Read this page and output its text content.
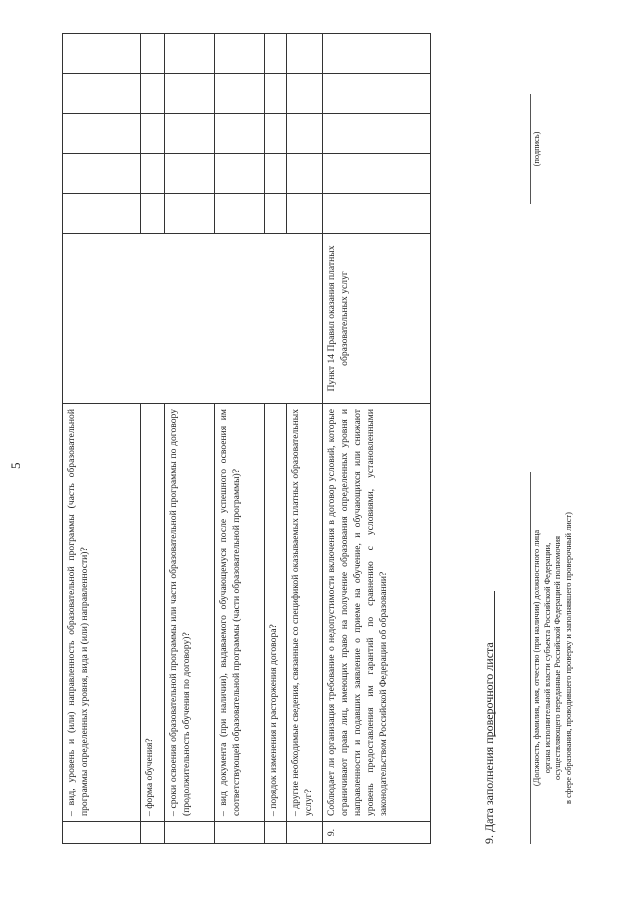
5
		– вид, уровень и (или) направленность образовательной программы (часть образовательной программы определенных уровня, вида и (или) направленности)?						
	– форма обучения?						
	– сроки освоения образовательной программы или части образовательной программы по договору (продолжительность обучения по договору)?						
	– вид документа (при наличии), выдаваемого обучающемуся после успешного освоения им соответствующей образовательной программы (части образовательной программы)?						
	– порядок изменения и расторжения договора?						
	– другие необходимые сведения, связанные со спецификой оказываемых платных образовательных услуг?						
9.	Соблюдает ли организация требование о недопустимости включения в договор условий, которые ограничивают права лиц, имеющих право на получение образования определенных уровня и направленности и подавших заявление о приеме на обучение, и обучающихся или снижают уровень предоставления им гарантий по сравнению с условиями, установленными законодательством Российской Федерации об образовании?	Пункт 14 Правил оказания платных образовательных услуг					
9. Дата заполнения проверочного листа	(Должность, фамилия, имя, отчество (при наличии) должностного лица органа исполнительной власти субъекта Российской Федерации, осуществляющего переданные Российской Федерацией полномочия в сфере образования, проводившего проверку и заполнявшего проверочный лист)
(подпись)
